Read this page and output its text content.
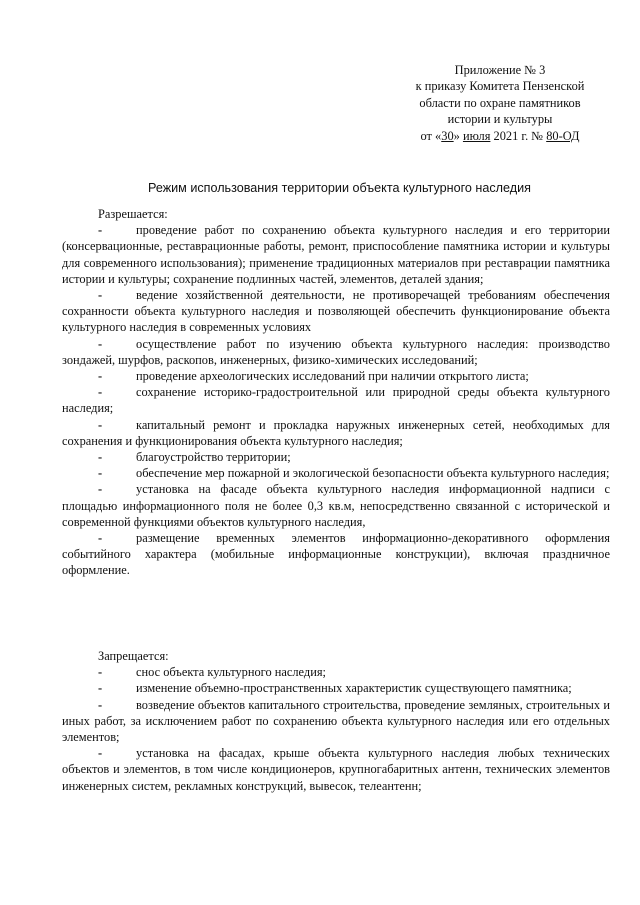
Приложение № 3
к приказу Комитета Пензенской
области по охране памятников
истории и культуры
от «30» июля 2021 г. № 80-ОД
Режим использования территории объекта культурного наследия

Разрешается:

-	проведение работ по сохранению объекта культурного наследия и его территории (консервационные, реставрационные работы, ремонт, приспособление памятника истории и культуры для современного использования); применение традиционных материалов при реставрации памятника истории и культуры; сохранение подлинных частей, элементов, деталей здания;

-	ведение хозяйственной деятельности, не противоречащей требованиям обеспечения сохранности объекта культурного наследия и позволяющей обеспечить функционирование объекта культурного наследия в современных условиях

-	осуществление работ по изучению объекта культурного наследия: производство зондажей, шурфов, раскопов, инженерных, физико-химических исследований;

-	проведение археологических исследований при наличии открытого листа;

-	сохранение историко-градостроительной или природной среды объекта культурного наследия;

-	капитальный ремонт и прокладка наружных инженерных сетей, необходимых для сохранения и функционирования объекта культурного наследия;

-	благоустройство территории;

-	обеспечение мер пожарной и экологической безопасности объекта культурного наследия;

-	установка на фасаде объекта культурного наследия информационной надписи с площадью информационного поля не более 0,3 кв.м, непосредственно связанной с исторической и современной функциями объектов культурного наследия,

-	размещение временных элементов информационно-декоративного оформления событийного характера (мобильные информационные конструкции), включая праздничное оформление.

Запрещается:

-	снос объекта культурного наследия;

-	изменение объемно-пространственных характеристик существующего памятника;

-	возведение объектов капитального строительства, проведение земляных, строительных и иных работ, за исключением работ по сохранению объекта культурного наследия или его отдельных элементов;

-	установка на фасадах, крыше объекта культурного наследия любых технических объектов и элементов, в том числе кондиционеров, крупногабаритных антенн, технических элементов инженерных систем, рекламных конструкций, вывесок, телеантенн;
